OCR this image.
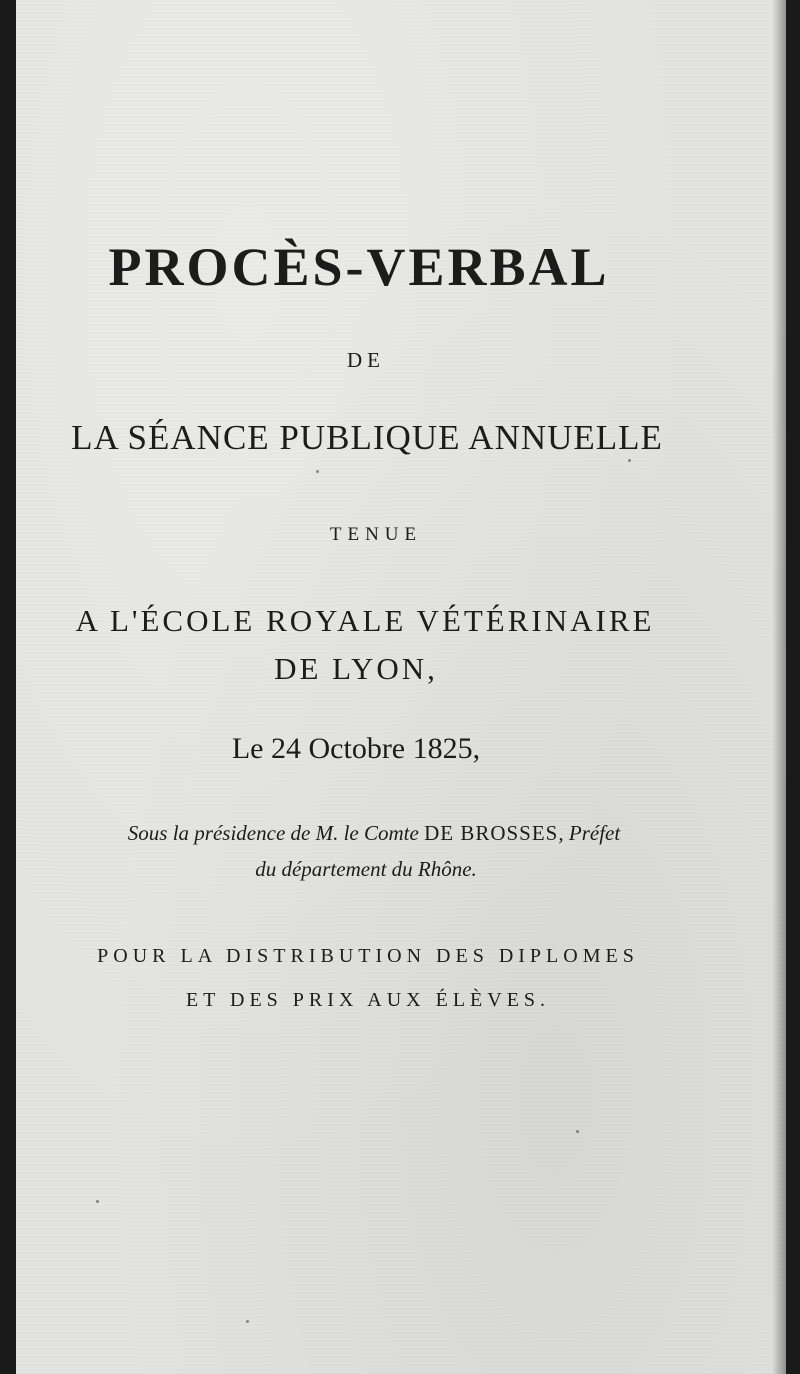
PROCÈS-VERBAL
DE
LA SÉANCE PUBLIQUE ANNUELLE
TENUE
A L'ÉCOLE ROYALE VÉTÉRINAIRE
DE LYON,
Le 24 Octobre 1825,
Sous la présidence de M. le Comte DE BROSSES, Préfet
du département du Rhône.
POUR LA DISTRIBUTION DES DIPLOMES
ET DES PRIX AUX ÉLÈVES.
